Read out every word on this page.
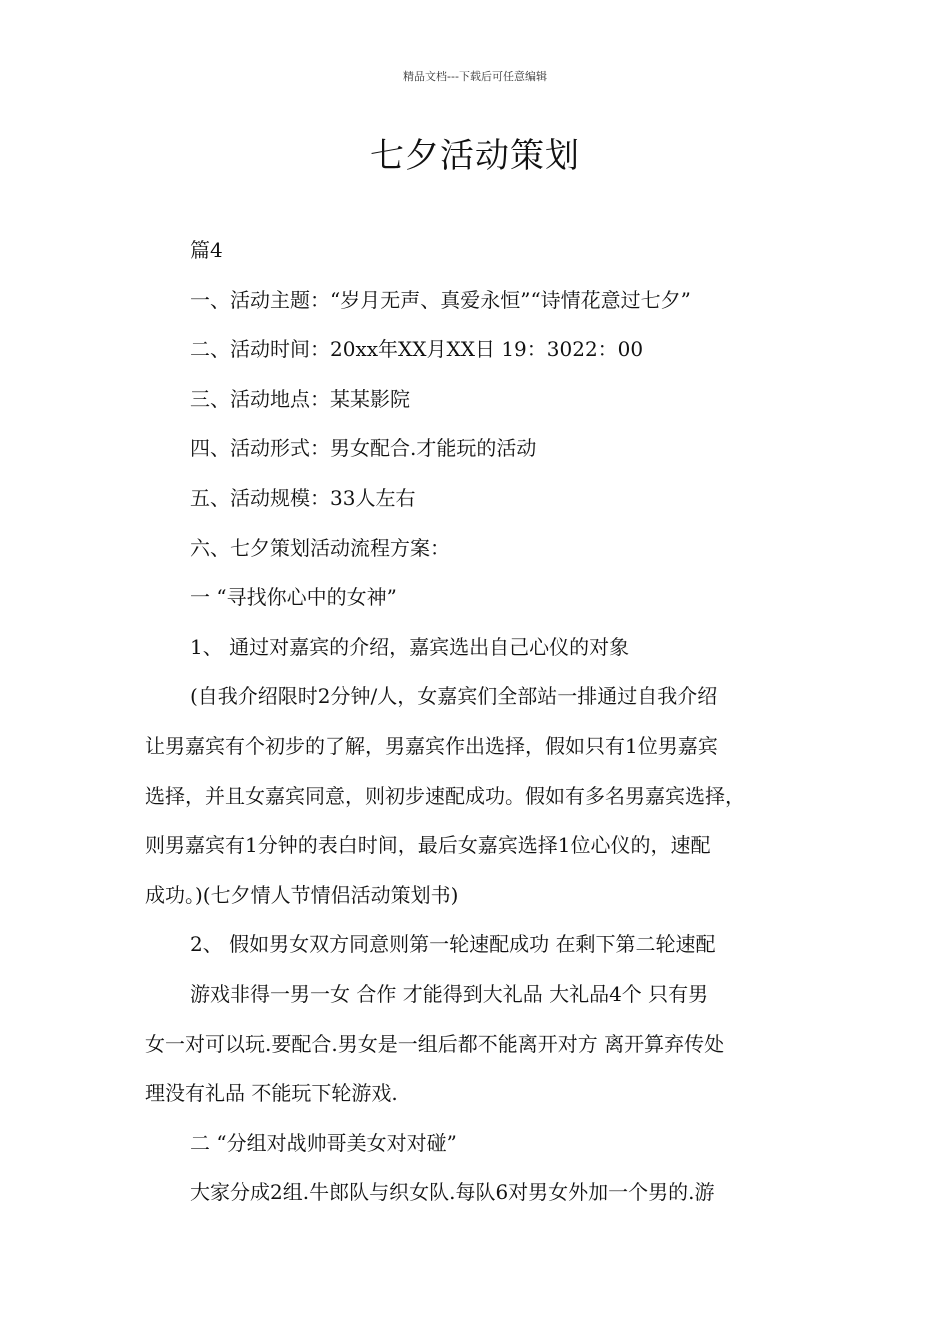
精品文档---下载后可任意编辑
七夕活动策划
篇4
一、活动主题：“岁月无声、真爱永恒”“诗情花意过七夕”
二、活动时间：20xx年XX月XX日 19：3022：00
三、活动地点：某某影院
四、活动形式：男女配合.才能玩的活动
五、活动规模：33人左右
六、七夕策划活动流程方案：
一 “寻找你心中的女神”
1、 通过对嘉宾的介绍，嘉宾选出自己心仪的对象
(自我介绍限时2分钟/人，女嘉宾们全部站一排通过自我介绍
让男嘉宾有个初步的了解，男嘉宾作出选择，假如只有1位男嘉宾
选择，并且女嘉宾同意，则初步速配成功。假如有多名男嘉宾选择，
则男嘉宾有1分钟的表白时间，最后女嘉宾选择1位心仪的，速配
成功。)(七夕情人节情侣活动策划书)
2、 假如男女双方同意则第一轮速配成功 在剩下第二轮速配
游戏非得一男一女 合作 才能得到大礼品 大礼品4个 只有男
女一对可以玩.要配合.男女是一组后都不能离开对方 离开算弃传处
理没有礼品 不能玩下轮游戏.
二 “分组对战帅哥美女对对碰”
大家分成2组.牛郎队与织女队.每队6对男女外加一个男的.游
